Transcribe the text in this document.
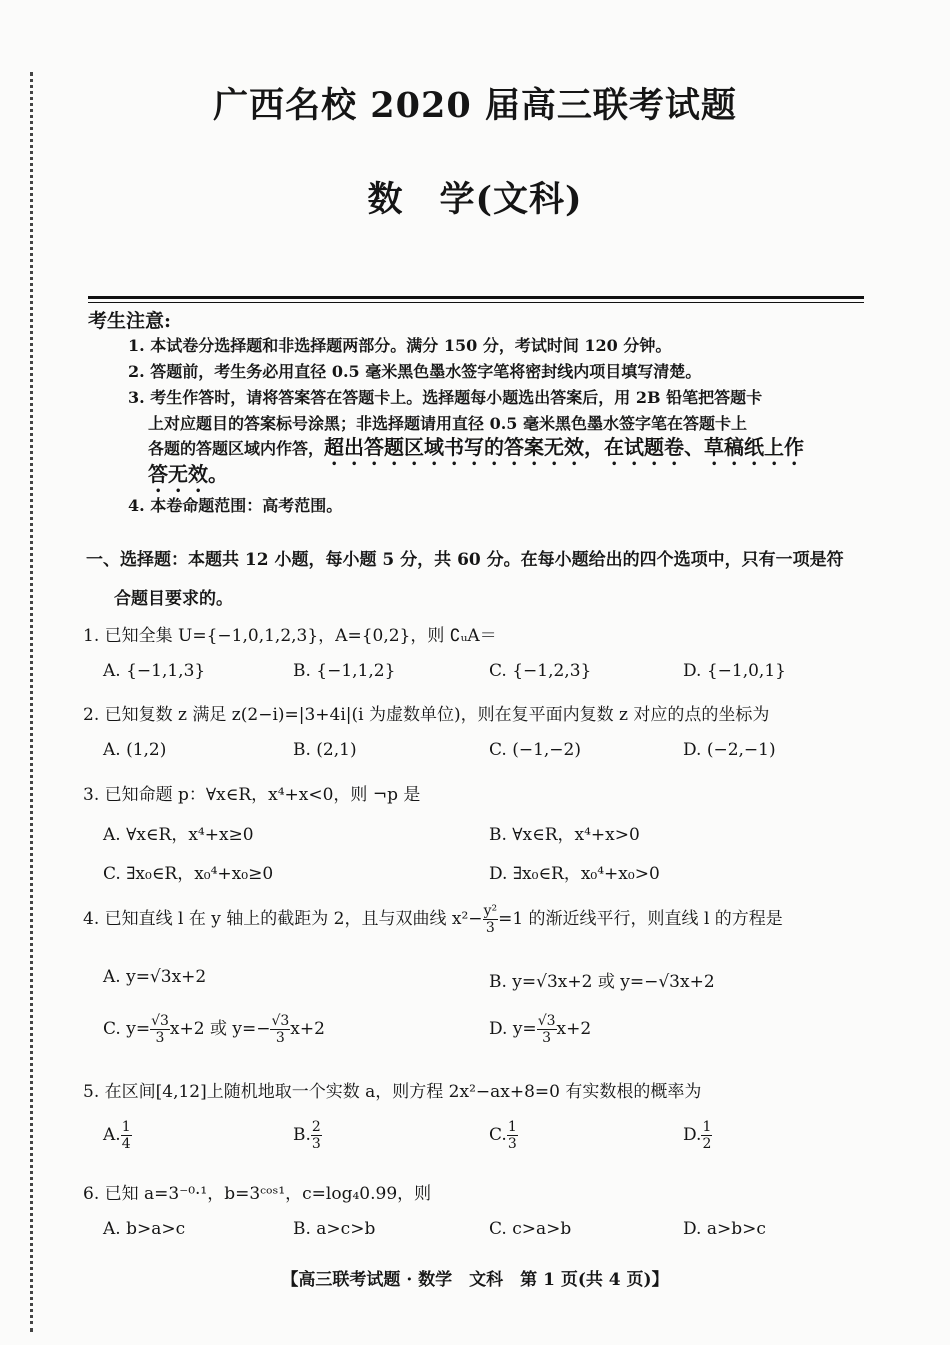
广西名校 2020 届高三联考试题
数　学(文科)
考生注意:
1. 本试卷分选择题和非选择题两部分。满分 150 分，考试时间 120 分钟。
2. 答题前，考生务必用直径 0.5 毫米黑色墨水签字笔将密封线内项目填写清楚。
3. 考生作答时，请将答案答在答题卡上。选择题每小题选出答案后，用 2B 铅笔把答题卡
上对应题目的答案标号涂黑；非选择题请用直径 0.5 毫米黑色墨水签字笔在答题卡上
各题的答题区域内作答，超出答题区域书写的答案无效，在试题卷、草稿纸上作
答无效。
4. 本卷命题范围：高考范围。
一、选择题：本题共 12 小题，每小题 5 分，共 60 分。在每小题给出的四个选项中，只有一项是符
合题目要求的。
1. 已知全集 U={−1,0,1,2,3}，A={0,2}，则 ∁ᵤA＝
A. {−1,1,3}	B. {−1,1,2}	C. {−1,2,3}	D. {−1,0,1}
2. 已知复数 z 满足 z(2−i)=|3+4i|(i 为虚数单位)，则在复平面内复数 z 对应的点的坐标为
A. (1,2)	B. (2,1)	C. (−1,−2)	D. (−2,−1)
3. 已知命题 p：∀x∈R，x⁴+x<0，则 ¬p 是
A. ∀x∈R，x⁴+x≥0	B. ∀x∈R，x⁴+x>0
C. ∃x₀∈R，x₀⁴+x₀≥0	D. ∃x₀∈R，x₀⁴+x₀>0
4. 已知直线 l 在 y 轴上的截距为 2，且与双曲线 $x^2- \frac{\text{y²}}{3} =1$ 的渐近线平行，则直线 l 的方程是
A. y=√3x+2	B. y=√3x+2 或 y=−√3x+2
C. $y= \frac{√3}{3} x+2$ 或 $y=- \frac{√3}{3} x+2$	D. $y= \frac{√3}{3} x+2$
5. 在区间[4,12]上随机地取一个实数 a，则方程 2x²−ax+8=0 有实数根的概率为
A. $\frac{1}{4}$	B. $\frac{2}{3}$	C. $\frac{1}{3}$	D. $\frac{1}{2}$
6. 已知 a=3⁻⁰·¹，b=3ᶜᵒˢ¹，c=log₄0.99，则
A. b>a>c	B. a>c>b	C. c>a>b	D. a>b>c
【高三联考试题 · 数学　文科　第 1 页(共 4 页)】
